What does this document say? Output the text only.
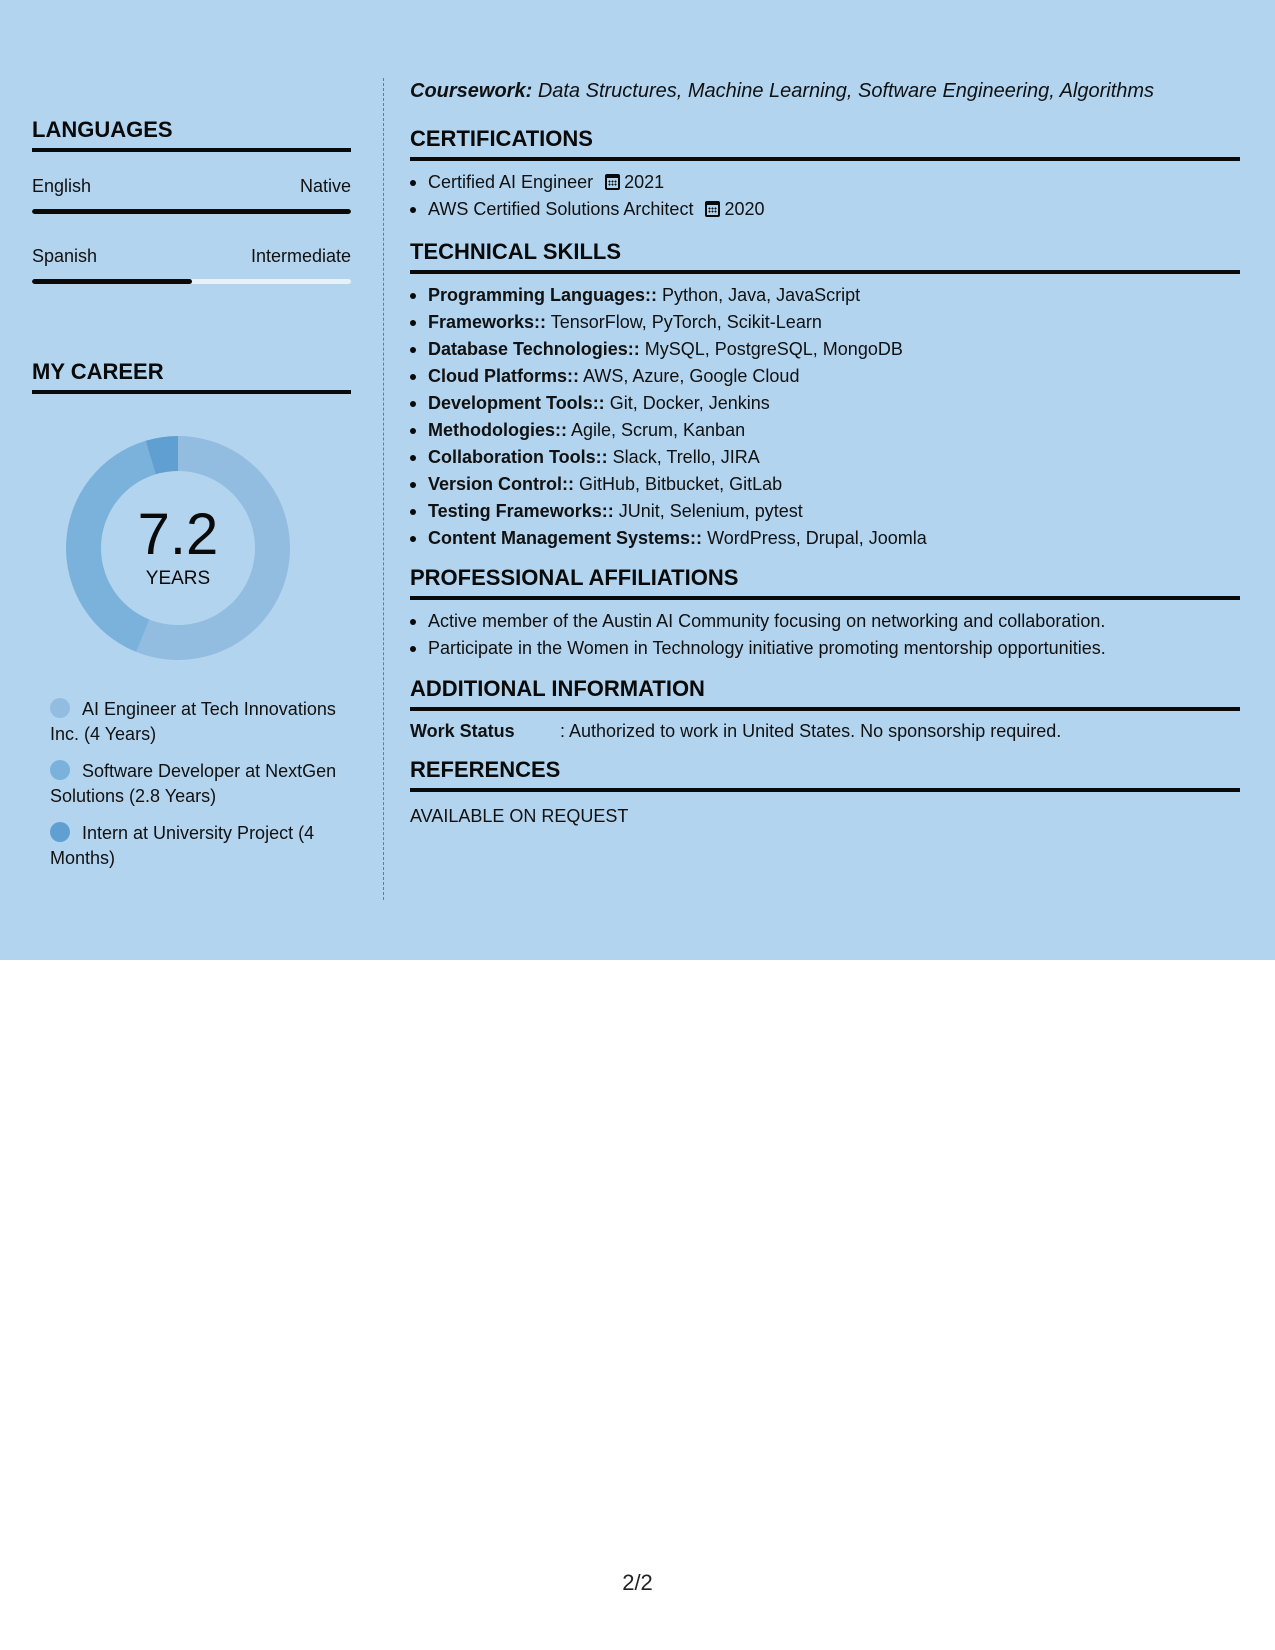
LANGUAGES
English	Native
Spanish	Intermediate
MY CAREER
7.2
YEARS
AI Engineer at Tech Innovations Inc. (4 Years)
Software Developer at NextGen Solutions (2.8 Years)
Intern at University Project (4 Months)
Coursework: Data Structures, Machine Learning, Software Engineering, Algorithms
CERTIFICATIONS
Certified AI Engineer 2021
AWS Certified Solutions Architect 2020
TECHNICAL SKILLS
Programming Languages:: Python, Java, JavaScript
Frameworks:: TensorFlow, PyTorch, Scikit-Learn
Database Technologies:: MySQL, PostgreSQL, MongoDB
Cloud Platforms:: AWS, Azure, Google Cloud
Development Tools:: Git, Docker, Jenkins
Methodologies:: Agile, Scrum, Kanban
Collaboration Tools:: Slack, Trello, JIRA
Version Control:: GitHub, Bitbucket, GitLab
Testing Frameworks:: JUnit, Selenium, pytest
Content Management Systems:: WordPress, Drupal, Joomla
PROFESSIONAL AFFILIATIONS
Active member of the Austin AI Community focusing on networking and collaboration.
Participate in the Women in Technology initiative promoting mentorship opportunities.
ADDITIONAL INFORMATION
Work Status	: Authorized to work in United States. No sponsorship required.
REFERENCES
AVAILABLE ON REQUEST
2/2
